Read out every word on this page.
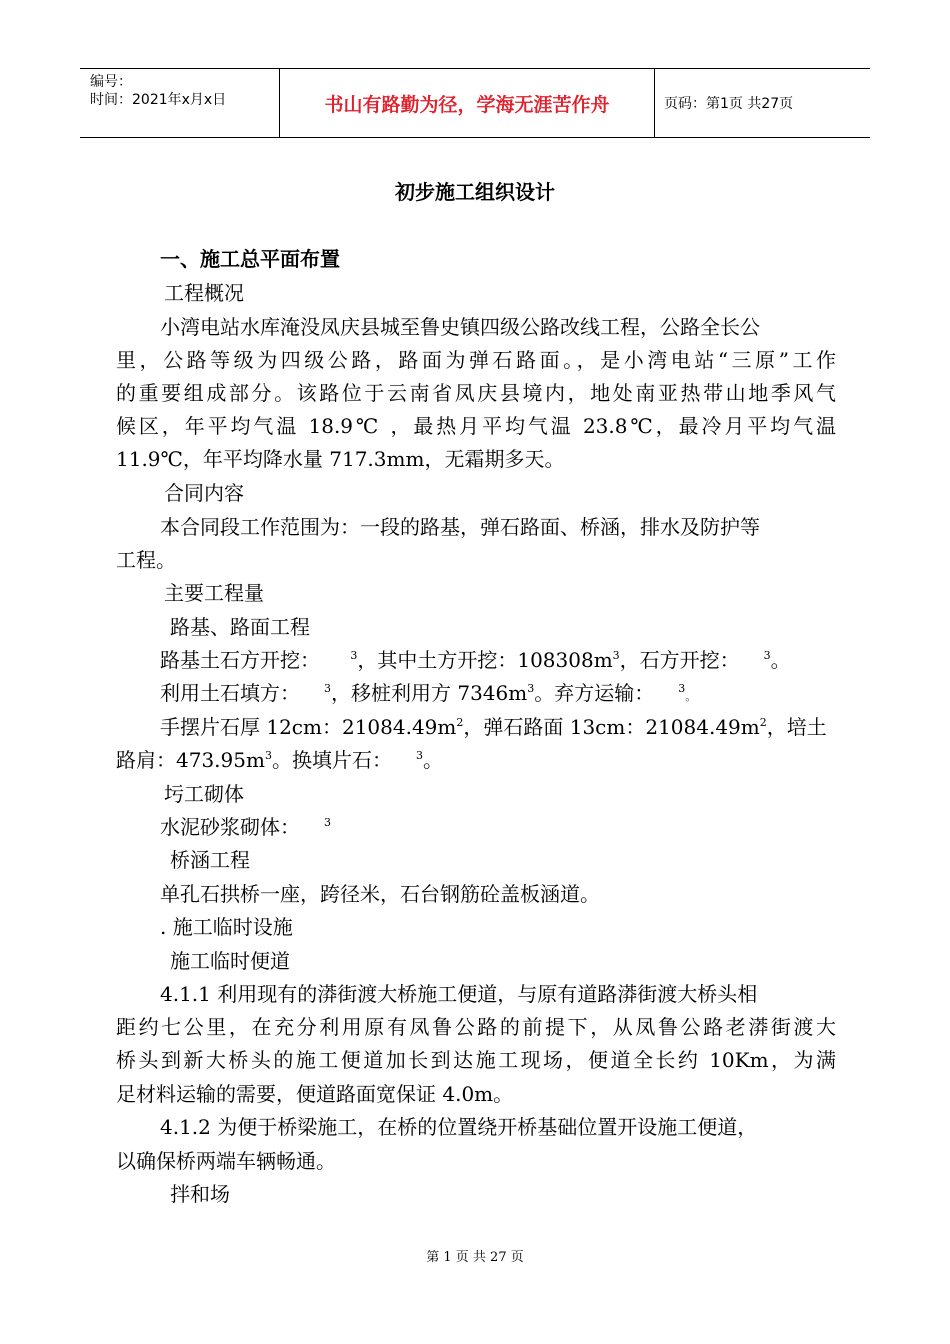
编号：
时间：2021年x月x日	书山有路勤为径，学海无涯苦作舟	页码：第1页 共27页
初步施工组织设计
一、施工总平面布置
工程概况
小湾电站水库淹没凤庆县城至鲁史镇四级公路改线工程，公路全长公
里，公路等级为四级公路，路面为弹石路面。，是小湾电站“三原”工作
的重要组成部分。该路位于云南省凤庆县境内，地处南亚热带山地季风气
候区，年平均气温 18.9℃ ，最热月平均气温 23.8℃，最冷月平均气温
11.9℃，年平均降水量 717.3mm，无霜期多天。
合同内容
本合同段工作范围为：一段的路基，弹石路面、桥涵，排水及防护等
工程。
主要工程量
路基、路面工程
路基土石方开挖：	$^3$，其中土方开挖：$108308m^3$，石方开挖： $^3$。
利用土石填方： $^3$，移桩利用方 $7346m^3$。弃方运输： $^3$。
手摆片石厚 12cm：$21084.49m^2$，弹石路面 13cm：$21084.49m^2$，培土
路肩：$473.95m^3$。换填片石： $^3$。
圬工砌体
水泥砂浆砌体： $^3$
桥涵工程
单孔石拱桥一座，跨径米，石台钢筋砼盖板涵道。
. 施工临时设施
施工临时便道
4.1.1 利用现有的漭街渡大桥施工便道，与原有道路漭街渡大桥头相
距约七公里，在充分利用原有凤鲁公路的前提下，从凤鲁公路老漭街渡大
桥头到新大桥头的施工便道加长到达施工现场，便道全长约 10Km，为满
足材料运输的需要，便道路面宽保证 4.0m。
4.1.2 为便于桥梁施工，在桥的位置绕开桥基础位置开设施工便道，
以确保桥两端车辆畅通。
拌和场
第 1 页 共 27 页
